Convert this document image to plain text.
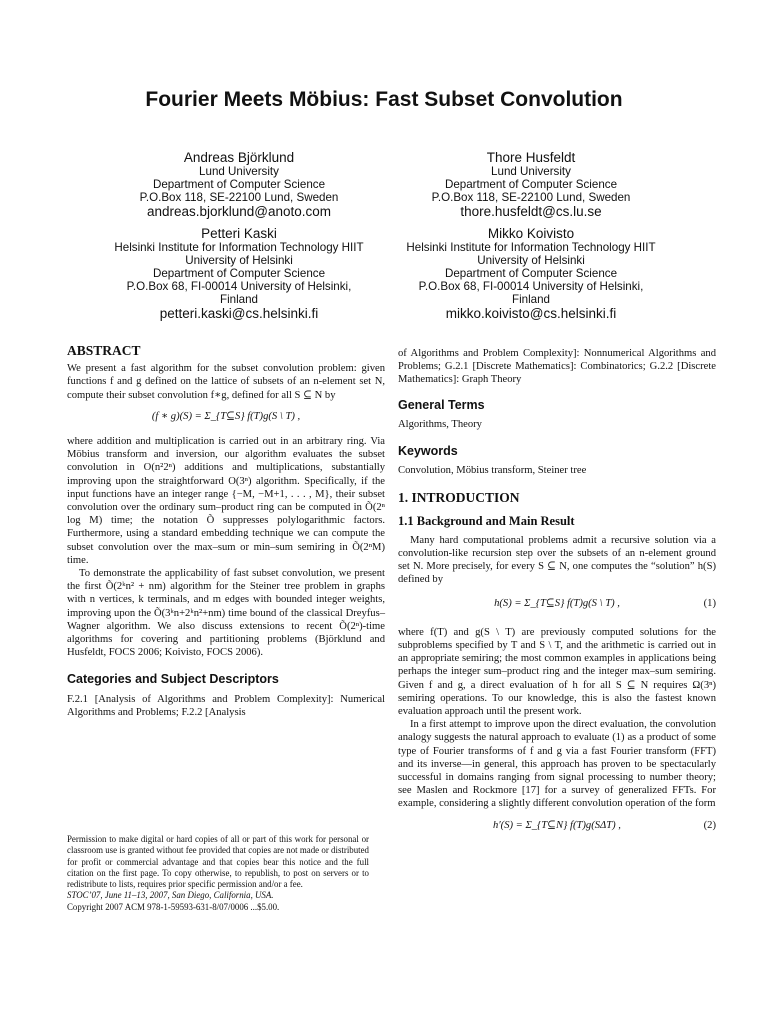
Fourier Meets Möbius: Fast Subset Convolution
Andreas Björklund
Lund University
Department of Computer Science
P.O.Box 118, SE-22100 Lund, Sweden
andreas.bjorklund@anoto.com
Thore Husfeldt
Lund University
Department of Computer Science
P.O.Box 118, SE-22100 Lund, Sweden
thore.husfeldt@cs.lu.se
Petteri Kaski
Helsinki Institute for Information Technology HIIT
University of Helsinki
Department of Computer Science
P.O.Box 68, FI-00014 University of Helsinki,
Finland
petteri.kaski@cs.helsinki.fi
Mikko Koivisto
Helsinki Institute for Information Technology HIIT
University of Helsinki
Department of Computer Science
P.O.Box 68, FI-00014 University of Helsinki,
Finland
mikko.koivisto@cs.helsinki.fi
ABSTRACT

We present a fast algorithm for the subset convolution problem: given functions f and g defined on the lattice of subsets of an n-element set N, compute their subset convolution f∗g, defined for all S ⊆ N by

(f ∗ g)(S) = Σ_{T⊆S} f(T)g(S \ T) ,

where addition and multiplication is carried out in an arbitrary ring. Via Möbius transform and inversion, our algorithm evaluates the subset convolution in O(n²2ⁿ) additions and multiplications, substantially improving upon the straightforward O(3ⁿ) algorithm. Specifically, if the input functions have an integer range {−M, −M+1, . . . , M}, their subset convolution over the ordinary sum–product ring can be computed in Õ(2ⁿ log M) time; the notation Õ suppresses polylogarithmic factors. Furthermore, using a standard embedding technique we can compute the subset convolution over the max–sum or min–sum semiring in Õ(2ⁿM) time.

To demonstrate the applicability of fast subset convolution, we present the first Õ(2ᵏn² + nm) algorithm for the Steiner tree problem in graphs with n vertices, k terminals, and m edges with bounded integer weights, improving upon the Õ(3ᵏn+2ᵏn²+nm) time bound of the classical Dreyfus–Wagner algorithm. We also discuss extensions to recent Õ(2ⁿ)-time algorithms for covering and partitioning problems (Björklund and Husfeldt, FOCS 2006; Koivisto, FOCS 2006).

Categories and Subject Descriptors

F.2.1 [Analysis of Algorithms and Problem Complexity]: Numerical Algorithms and Problems; F.2.2 [Analysis

Permission to make digital or hard copies of all or part of this work for personal or classroom use is granted without fee provided that copies are not made or distributed for profit or commercial advantage and that copies bear this notice and the full citation on the first page. To copy otherwise, to republish, to post on servers or to redistribute to lists, requires prior specific permission and/or a fee.

STOC’07, June 11–13, 2007, San Diego, California, USA.

Copyright 2007 ACM 978-1-59593-631-8/07/0006 ...$5.00.

of Algorithms and Problem Complexity]: Nonnumerical Algorithms and Problems; G.2.1 [Discrete Mathematics]: Combinatorics; G.2.2 [Discrete Mathematics]: Graph Theory

General Terms

Algorithms, Theory

Keywords

Convolution, Möbius transform, Steiner tree

1. INTRODUCTION
1.1 Background and Main Result

Many hard computational problems admit a recursive solution via a convolution-like recursion step over the subsets of an n-element ground set N. More precisely, for every S ⊆ N, one computes the “solution” h(S) defined by

h(S) = Σ_{T⊆S} f(T)g(S \ T) ,	(1)

where f(T) and g(S \ T) are previously computed solutions for the subproblems specified by T and S \ T, and the arithmetic is carried out in an appropriate semiring; the most common examples in applications being perhaps the integer sum–product ring and the integer max–sum semiring. Given f and g, a direct evaluation of h for all S ⊆ N requires Ω(3ⁿ) semiring operations. To our knowledge, this is also the fastest known evaluation approach until the present work.

In a first attempt to improve upon the direct evaluation, the convolution analogy suggests the natural approach to evaluate (1) as a product of some type of Fourier transforms of f and g via a fast Fourier transform (FFT) and its inverse—in general, this approach has proven to be spectacularly successful in domains ranging from signal processing to number theory; see Maslen and Rockmore [17] for a survey of generalized FFTs. For example, considering a slightly different convolution operation of the form

h′(S) = Σ_{T⊆N} f(T)g(SΔT) ,	(2)
